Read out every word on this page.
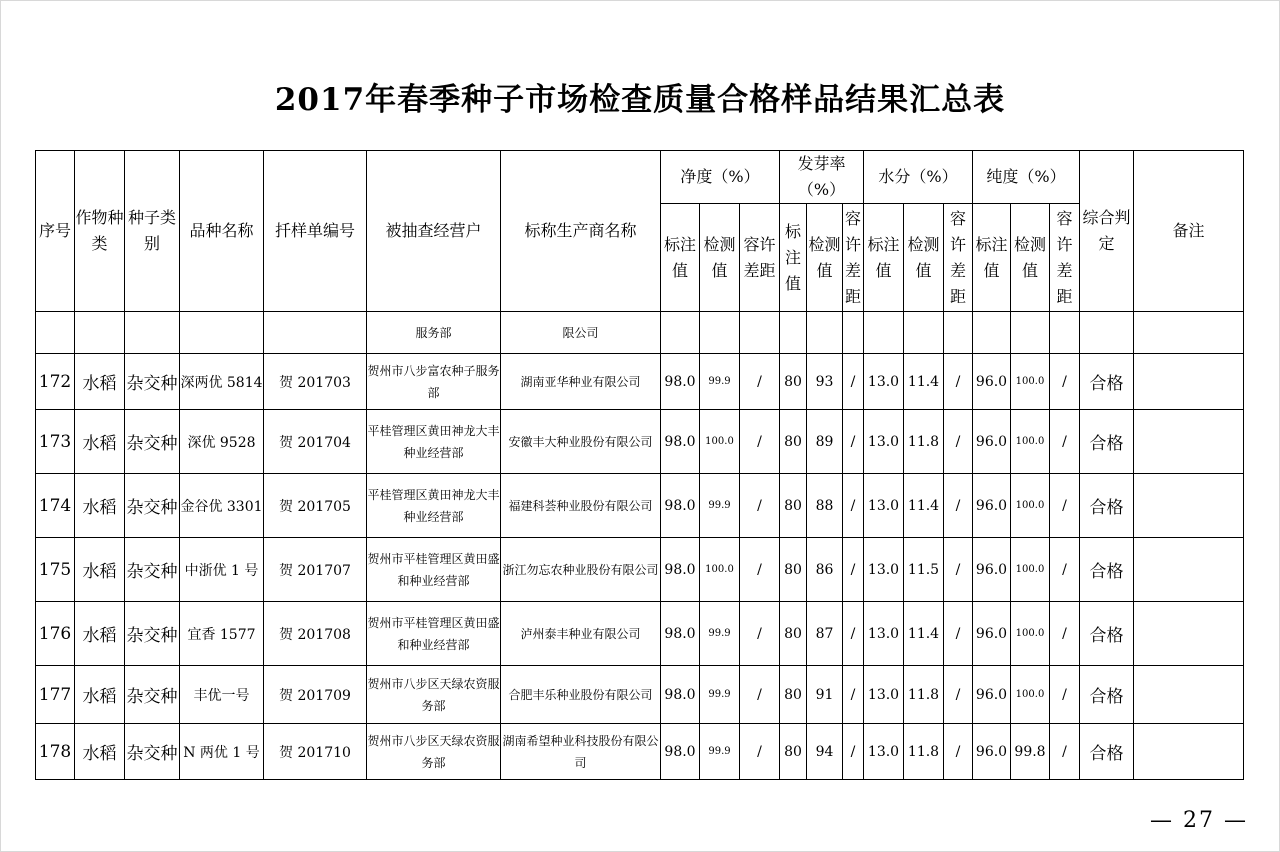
2017年春季种子市场检查质量合格样品结果汇总表
序号	作物种类	种子类别	品种名称	扦样单编号	被抽查经营户	标称生产商名称	净度（%）			发芽率（%）			水分（%）			纯度（%）			综合判定	备注
							标注值	检测值	容许差距	标注值	检测值	容许差距	标注值	检测值	容许差距	标注值	检测值	容许差距		
					服务部	限公司														
172	水稻	杂交种	深两优 5814	贺 201703	贺州市八步富农种子服务部	湖南亚华种业有限公司	98.0	99.9	/	80	93	/	13.0	11.4	/	96.0	100.0	/	合格	
173	水稻	杂交种	深优 9528	贺 201704	平桂管理区黄田神龙大丰种业经营部	安徽丰大种业股份有限公司	98.0	100.0	/	80	89	/	13.0	11.8	/	96.0	100.0	/	合格	
174	水稻	杂交种	金谷优 3301	贺 201705	平桂管理区黄田神龙大丰种业经营部	福建科荟种业股份有限公司	98.0	99.9	/	80	88	/	13.0	11.4	/	96.0	100.0	/	合格	
175	水稻	杂交种	中浙优 1 号	贺 201707	贺州市平桂管理区黄田盛和种业经营部	浙江勿忘农种业股份有限公司	98.0	100.0	/	80	86	/	13.0	11.5	/	96.0	100.0	/	合格	
176	水稻	杂交种	宜香 1577	贺 201708	贺州市平桂管理区黄田盛和种业经营部	泸州泰丰种业有限公司	98.0	99.9	/	80	87	/	13.0	11.4	/	96.0	100.0	/	合格	
177	水稻	杂交种	丰优一号	贺 201709	贺州市八步区天绿农资服务部	合肥丰乐种业股份有限公司	98.0	99.9	/	80	91	/	13.0	11.8	/	96.0	100.0	/	合格	
178	水稻	杂交种	N 两优 1 号	贺 201710	贺州市八步区天绿农资服务部	湖南希望种业科技股份有限公司	98.0	99.9	/	80	94	/	13.0	11.8	/	96.0	99.8	/	合格	
— 27 —
